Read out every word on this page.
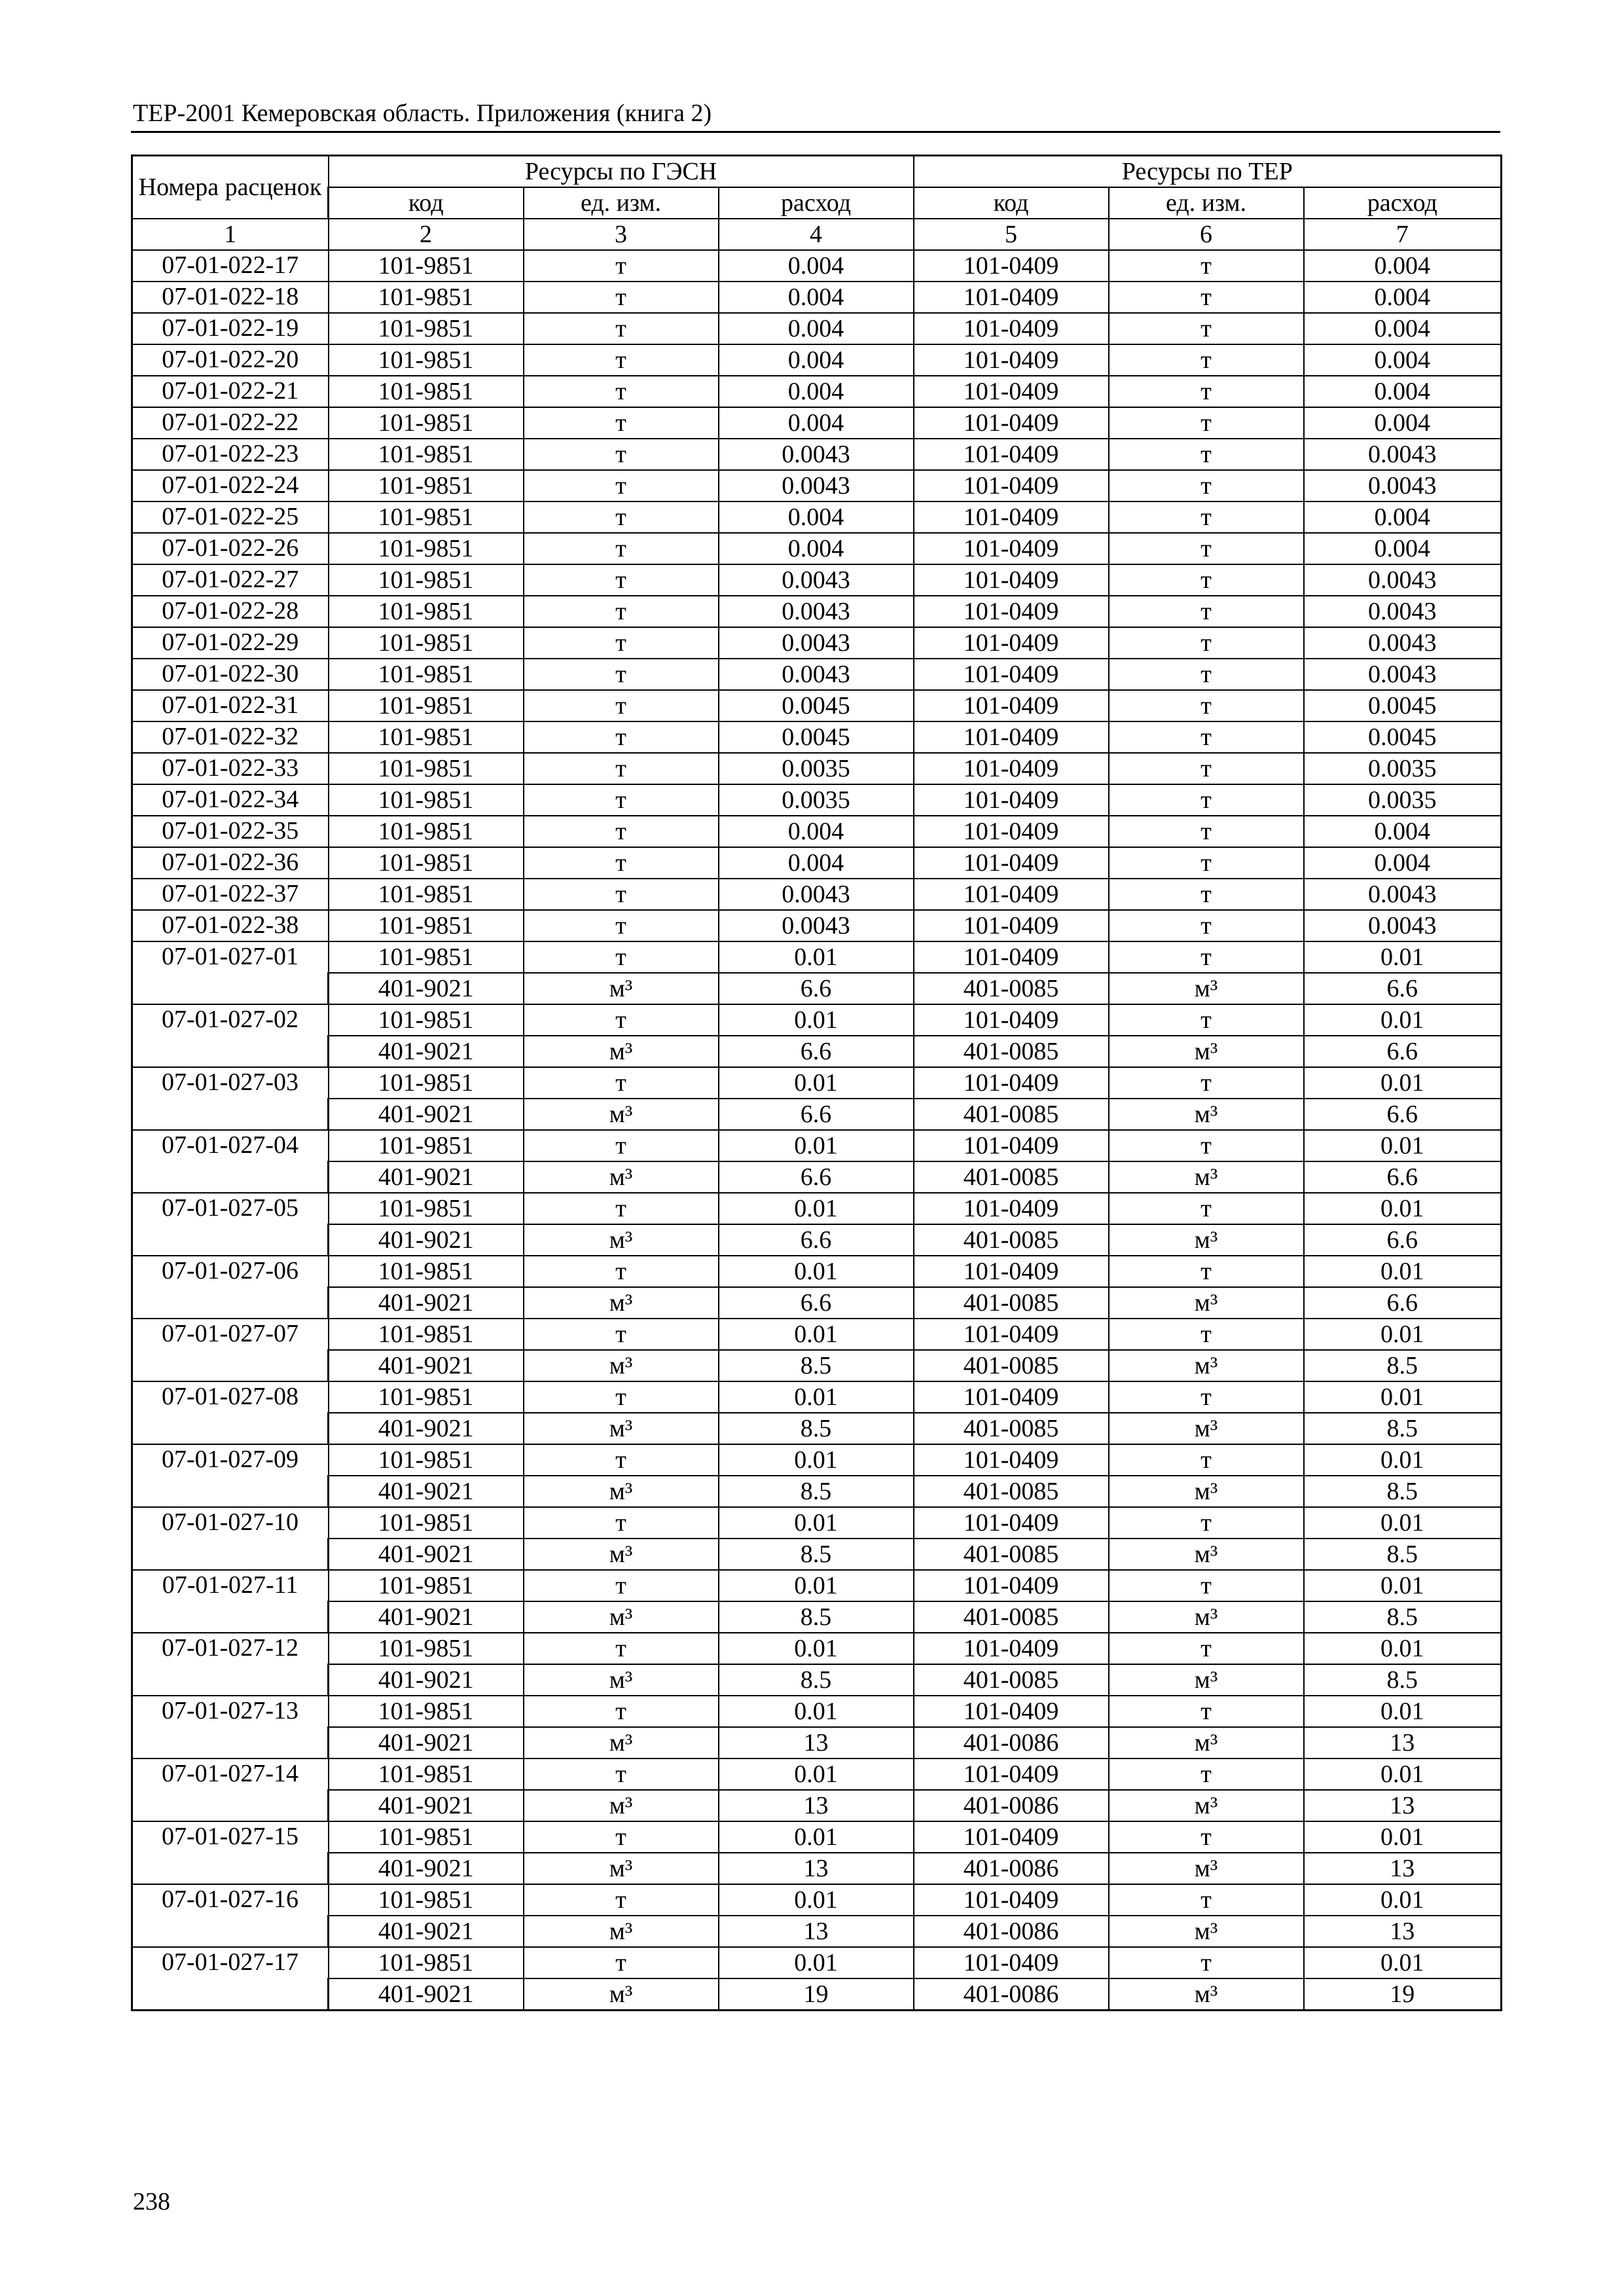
ТЕР-2001 Кемеровская область. Приложения (книга 2)
Номера расценок	Ресурсы по ГЭСН			Ресурсы по ТЕР		
	код	ед. изм.	расход	код	ед. изм.	расход
1	2	3	4	5	6	7
07-01-022-17	101-9851	т	0.004	101-0409	т	0.004
07-01-022-18	101-9851	т	0.004	101-0409	т	0.004
07-01-022-19	101-9851	т	0.004	101-0409	т	0.004
07-01-022-20	101-9851	т	0.004	101-0409	т	0.004
07-01-022-21	101-9851	т	0.004	101-0409	т	0.004
07-01-022-22	101-9851	т	0.004	101-0409	т	0.004
07-01-022-23	101-9851	т	0.0043	101-0409	т	0.0043
07-01-022-24	101-9851	т	0.0043	101-0409	т	0.0043
07-01-022-25	101-9851	т	0.004	101-0409	т	0.004
07-01-022-26	101-9851	т	0.004	101-0409	т	0.004
07-01-022-27	101-9851	т	0.0043	101-0409	т	0.0043
07-01-022-28	101-9851	т	0.0043	101-0409	т	0.0043
07-01-022-29	101-9851	т	0.0043	101-0409	т	0.0043
07-01-022-30	101-9851	т	0.0043	101-0409	т	0.0043
07-01-022-31	101-9851	т	0.0045	101-0409	т	0.0045
07-01-022-32	101-9851	т	0.0045	101-0409	т	0.0045
07-01-022-33	101-9851	т	0.0035	101-0409	т	0.0035
07-01-022-34	101-9851	т	0.0035	101-0409	т	0.0035
07-01-022-35	101-9851	т	0.004	101-0409	т	0.004
07-01-022-36	101-9851	т	0.004	101-0409	т	0.004
07-01-022-37	101-9851	т	0.0043	101-0409	т	0.0043
07-01-022-38	101-9851	т	0.0043	101-0409	т	0.0043
07-01-027-01	101-9851	т	0.01	101-0409	т	0.01
	401-9021	м³	6.6	401-0085	м³	6.6
07-01-027-02	101-9851	т	0.01	101-0409	т	0.01
	401-9021	м³	6.6	401-0085	м³	6.6
07-01-027-03	101-9851	т	0.01	101-0409	т	0.01
	401-9021	м³	6.6	401-0085	м³	6.6
07-01-027-04	101-9851	т	0.01	101-0409	т	0.01
	401-9021	м³	6.6	401-0085	м³	6.6
07-01-027-05	101-9851	т	0.01	101-0409	т	0.01
	401-9021	м³	6.6	401-0085	м³	6.6
07-01-027-06	101-9851	т	0.01	101-0409	т	0.01
	401-9021	м³	6.6	401-0085	м³	6.6
07-01-027-07	101-9851	т	0.01	101-0409	т	0.01
	401-9021	м³	8.5	401-0085	м³	8.5
07-01-027-08	101-9851	т	0.01	101-0409	т	0.01
	401-9021	м³	8.5	401-0085	м³	8.5
07-01-027-09	101-9851	т	0.01	101-0409	т	0.01
	401-9021	м³	8.5	401-0085	м³	8.5
07-01-027-10	101-9851	т	0.01	101-0409	т	0.01
	401-9021	м³	8.5	401-0085	м³	8.5
07-01-027-11	101-9851	т	0.01	101-0409	т	0.01
	401-9021	м³	8.5	401-0085	м³	8.5
07-01-027-12	101-9851	т	0.01	101-0409	т	0.01
	401-9021	м³	8.5	401-0085	м³	8.5
07-01-027-13	101-9851	т	0.01	101-0409	т	0.01
	401-9021	м³	13	401-0086	м³	13
07-01-027-14	101-9851	т	0.01	101-0409	т	0.01
	401-9021	м³	13	401-0086	м³	13
07-01-027-15	101-9851	т	0.01	101-0409	т	0.01
	401-9021	м³	13	401-0086	м³	13
07-01-027-16	101-9851	т	0.01	101-0409	т	0.01
	401-9021	м³	13	401-0086	м³	13
07-01-027-17	101-9851	т	0.01	101-0409	т	0.01
	401-9021	м³	19	401-0086	м³	19
238
